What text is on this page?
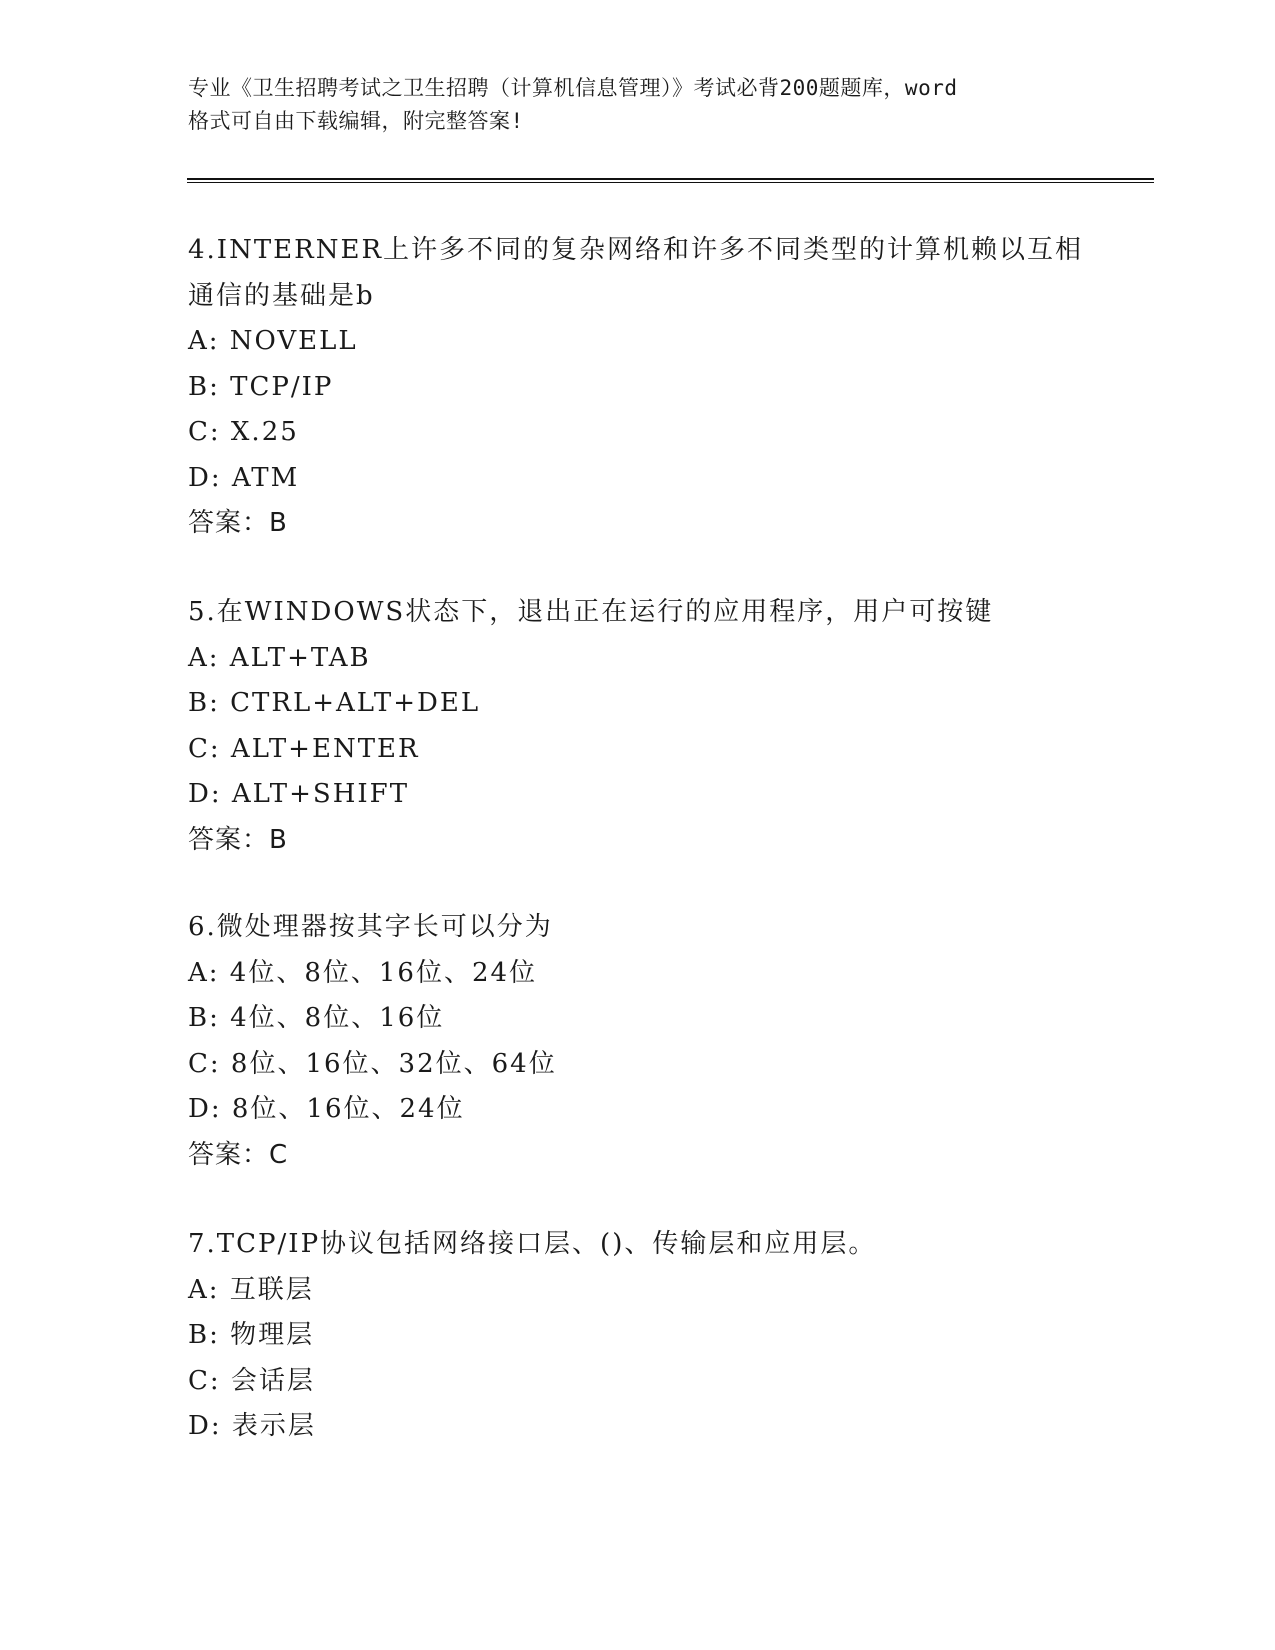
专业《卫生招聘考试之卫生招聘（计算机信息管理）》考试必背200题题库，word
格式可自由下载编辑，附完整答案!
4.INTERNER上许多不同的复杂网络和许多不同类型的计算机赖以互相
通信的基础是b
A: NOVELL
B: TCP/IP
C: X.25
D: ATM
答案：B
5.在WINDOWS状态下，退出正在运行的应用程序，用户可按键
A: ALT+TAB
B: CTRL+ALT+DEL
C: ALT+ENTER
D: ALT+SHIFT
答案：B
6.微处理器按其字长可以分为
A: 4位、8位、16位、24位
B: 4位、8位、16位
C: 8位、16位、32位、64位
D: 8位、16位、24位
答案：C
7.TCP/IP协议包括网络接口层、()、传输层和应用层。
A: 互联层
B: 物理层
C: 会话层
D: 表示层
